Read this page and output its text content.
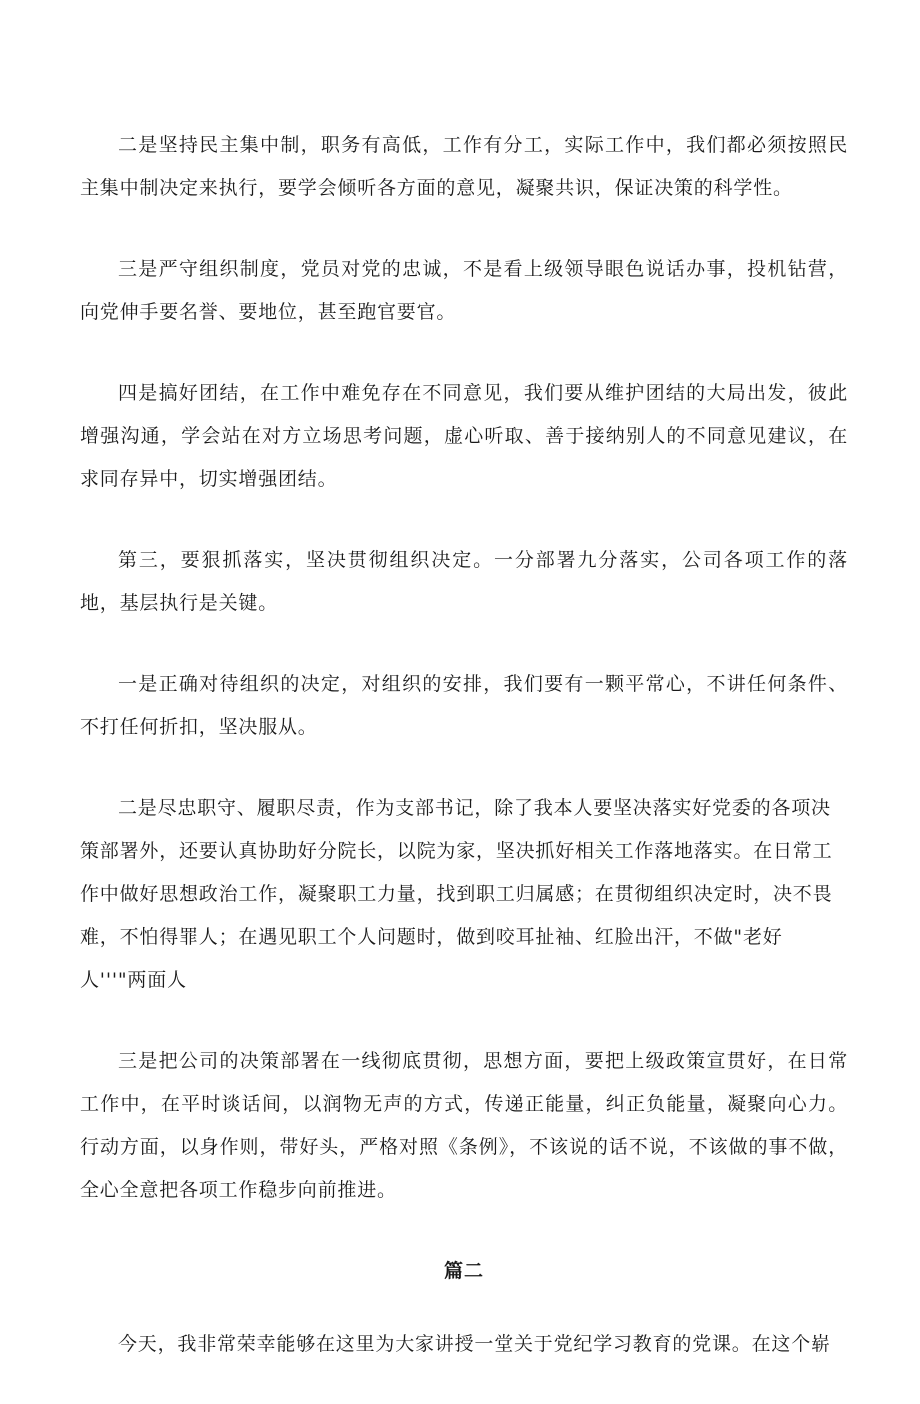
二是坚持民主集中制，职务有高低，工作有分工，实际工作中，我们都必须按照民主集中制决定来执行，要学会倾听各方面的意见，凝聚共识，保证决策的科学性。

三是严守组织制度，党员对党的忠诚，不是看上级领导眼色说话办事，投机钻营，向党伸手要名誉、要地位，甚至跑官要官。

四是搞好团结，在工作中难免存在不同意见，我们要从维护团结的大局出发，彼此增强沟通，学会站在对方立场思考问题，虚心听取、善于接纳别人的不同意见建议，在求同存异中，切实增强团结。

第三，要狠抓落实，坚决贯彻组织决定。一分部署九分落实，公司各项工作的落地，基层执行是关键。

一是正确对待组织的决定，对组织的安排，我们要有一颗平常心，不讲任何条件、不打任何折扣，坚决服从。

二是尽忠职守、履职尽责，作为支部书记，除了我本人要坚决落实好党委的各项决策部署外，还要认真协助好分院长，以院为家，坚决抓好相关工作落地落实。在日常工作中做好思想政治工作，凝聚职工力量，找到职工归属感；在贯彻组织决定时，决不畏难，不怕得罪人；在遇见职工个人问题时，做到咬耳扯袖、红脸出汗，不做"老好人'''"两面人

三是把公司的决策部署在一线彻底贯彻，思想方面，要把上级政策宣贯好，在日常工作中，在平时谈话间，以润物无声的方式，传递正能量，纠正负能量，凝聚向心力。行动方面，以身作则，带好头，严格对照《条例》，不该说的话不说，不该做的事不做，全心全意把各项工作稳步向前推进。

篇二

今天，我非常荣幸能够在这里为大家讲授一堂关于党纪学习教育的党课。在这个崭
